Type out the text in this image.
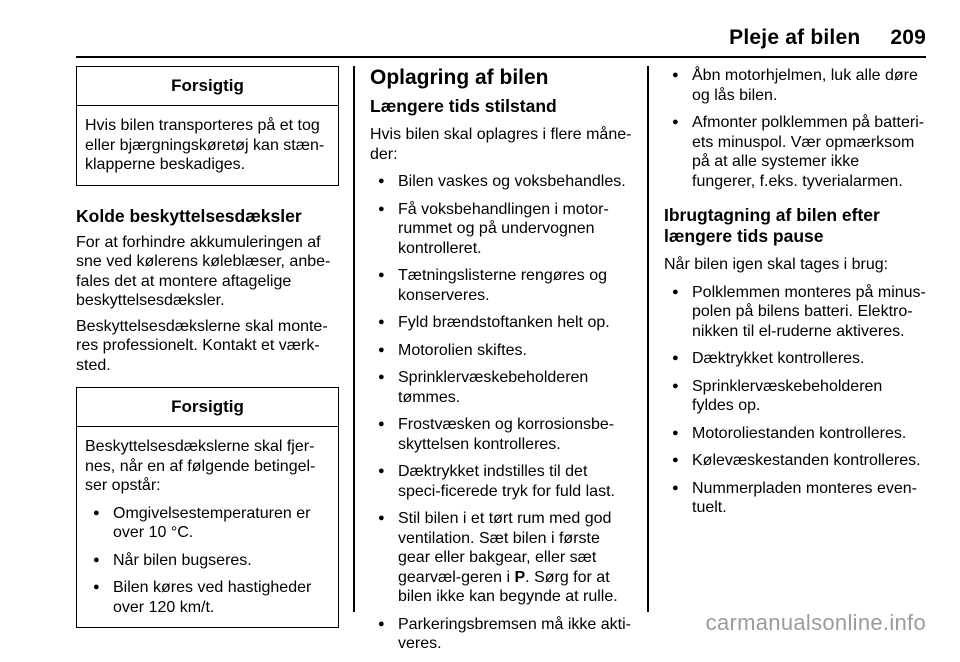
Pleje af bilen 209
Forsigtig

Hvis bilen transporteres på et tog eller bjærgningskøretøj kan stæn-klapperne beskadiges.

Kolde beskyttelsesdæksler

For at forhindre akkumuleringen af sne ved kølerens køleblæser, anbe-fales det at montere aftagelige beskyttelsesdæksler.

Beskyttelsesdækslerne skal monte-res professionelt. Kontakt et værk-sted.

Forsigtig

Beskyttelsesdækslerne skal fjer-nes, når en af følgende betingel-ser opstår:

● Omgivelsestemperaturen er over 10 °C.
● Når bilen bugseres.
● Bilen køres ved hastigheder over 120 km/t.
Oplagring af bilen
Længere tids stilstand

Hvis bilen skal oplagres i flere måne-der:

● Bilen vaskes og voksbehandles.
● Få voksbehandlingen i motor-rummet og på undervognen kontrolleret.
● Tætningslisterne rengøres og konserveres.
● Fyld brændstoftanken helt op.
● Motorolien skiftes.
● Sprinklervæskebeholderen tømmes.
● Frostvæsken og korrosionsbe-skyttelsen kontrolleres.
● Dæktrykket indstilles til det speci-ficerede tryk for fuld last.
● Stil bilen i et tørt rum med god ventilation. Sæt bilen i første gear eller bakgear, eller sæt gearvæl-geren i P. Sørg for at bilen ikke kan begynde at rulle.
● Parkeringsbremsen må ikke akti-veres.
● Åbn motorhjelmen, luk alle døre og lås bilen.
● Afmonter polklemmen på batteri-ets minuspol. Vær opmærksom på at alle systemer ikke fungerer, f.eks. tyverialarmen.
Ibrugtagning af bilen efter længere tids pause

Når bilen igen skal tages i brug:

● Polklemmen monteres på minus-polen på bilens batteri. Elektro-nikken til el-ruderne aktiveres.
● Dæktrykket kontrolleres.
● Sprinklervæskebeholderen fyldes op.
● Motoroliestanden kontrolleres.
● Kølevæskestanden kontrolleres.
● Nummerpladen monteres even-tuelt.
carmanualsonline.info
